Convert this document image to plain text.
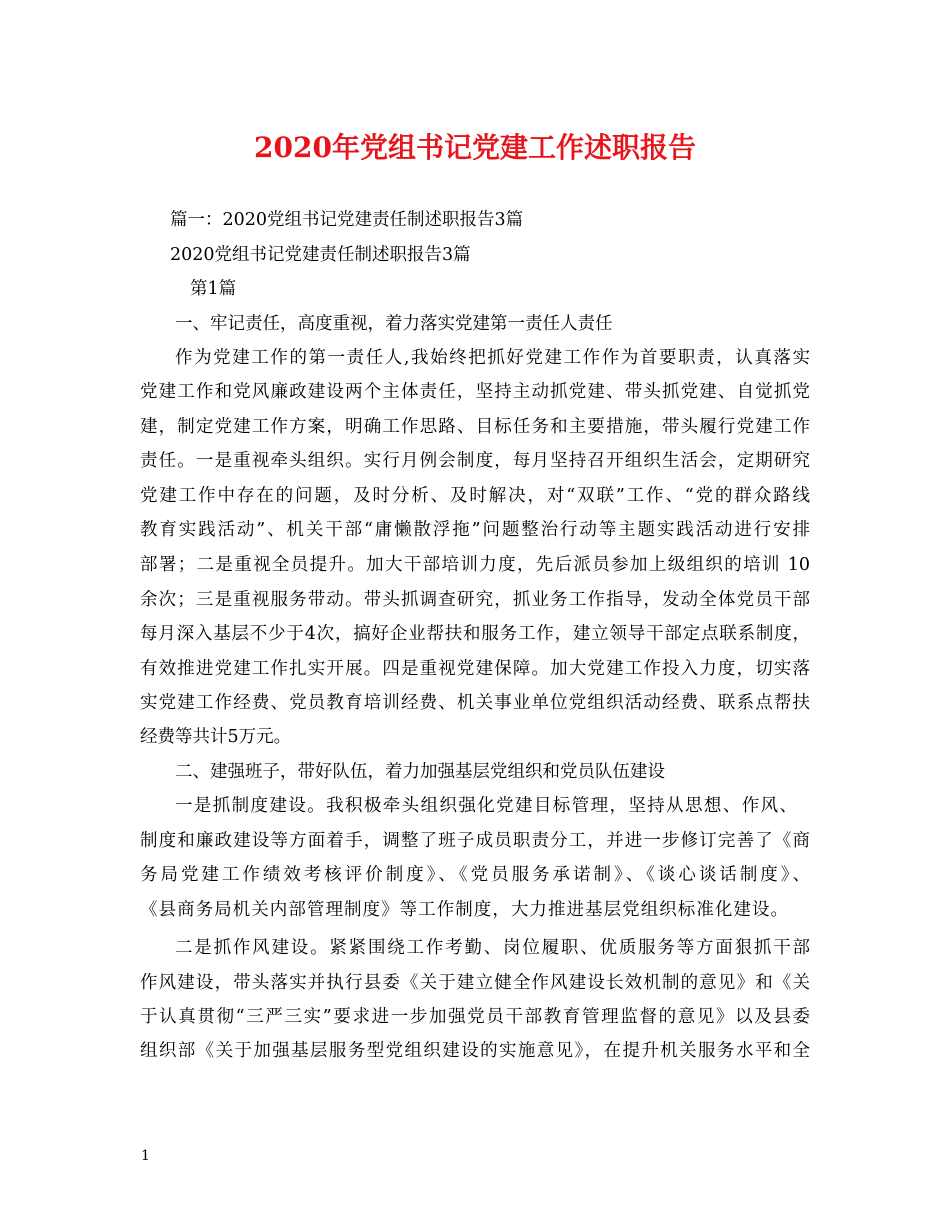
2020年党组书记党建工作述职报告
篇一：2020党组书记党建责任制述职报告3篇
2020党组书记党建责任制述职报告3篇
第1篇
一、牢记责任，高度重视，着力落实党建第一责任人责任
作为党建工作的第一责任人,我始终把抓好党建工作作为首要职责，认真落实
党建工作和党风廉政建设两个主体责任，坚持主动抓党建、带头抓党建、自觉抓党
建，制定党建工作方案，明确工作思路、目标任务和主要措施，带头履行党建工作
责任。一是重视牵头组织。实行月例会制度，每月坚持召开组织生活会，定期研究
党建工作中存在的问题，及时分析、及时解决，对“双联”工作、“党的群众路线
教育实践活动”、机关干部“庸懒散浮拖”问题整治行动等主题实践活动进行安排
部署；二是重视全员提升。加大干部培训力度，先后派员参加上级组织的培训 10
余次；三是重视服务带动。带头抓调查研究，抓业务工作指导，发动全体党员干部
每月深入基层不少于4次，搞好企业帮扶和服务工作，建立领导干部定点联系制度，
有效推进党建工作扎实开展。四是重视党建保障。加大党建工作投入力度，切实落
实党建工作经费、党员教育培训经费、机关事业单位党组织活动经费、联系点帮扶
经费等共计5万元。
二、建强班子，带好队伍，着力加强基层党组织和党员队伍建设
一是抓制度建设。我积极牵头组织强化党建目标管理，坚持从思想、作风、
制度和廉政建设等方面着手，调整了班子成员职责分工，并进一步修订完善了《商
务局党建工作绩效考核评价制度》、《党员服务承诺制》、《谈心谈话制度》、
《县商务局机关内部管理制度》等工作制度，大力推进基层党组织标准化建设。
二是抓作风建设。紧紧围绕工作考勤、岗位履职、优质服务等方面狠抓干部
作风建设，带头落实并执行县委《关于建立健全作风建设长效机制的意见》和《关
于认真贯彻“三严三实”要求进一步加强党员干部教育管理监督的意见》以及县委
组织部《关于加强基层服务型党组织建设的实施意见》，在提升机关服务水平和全
1
